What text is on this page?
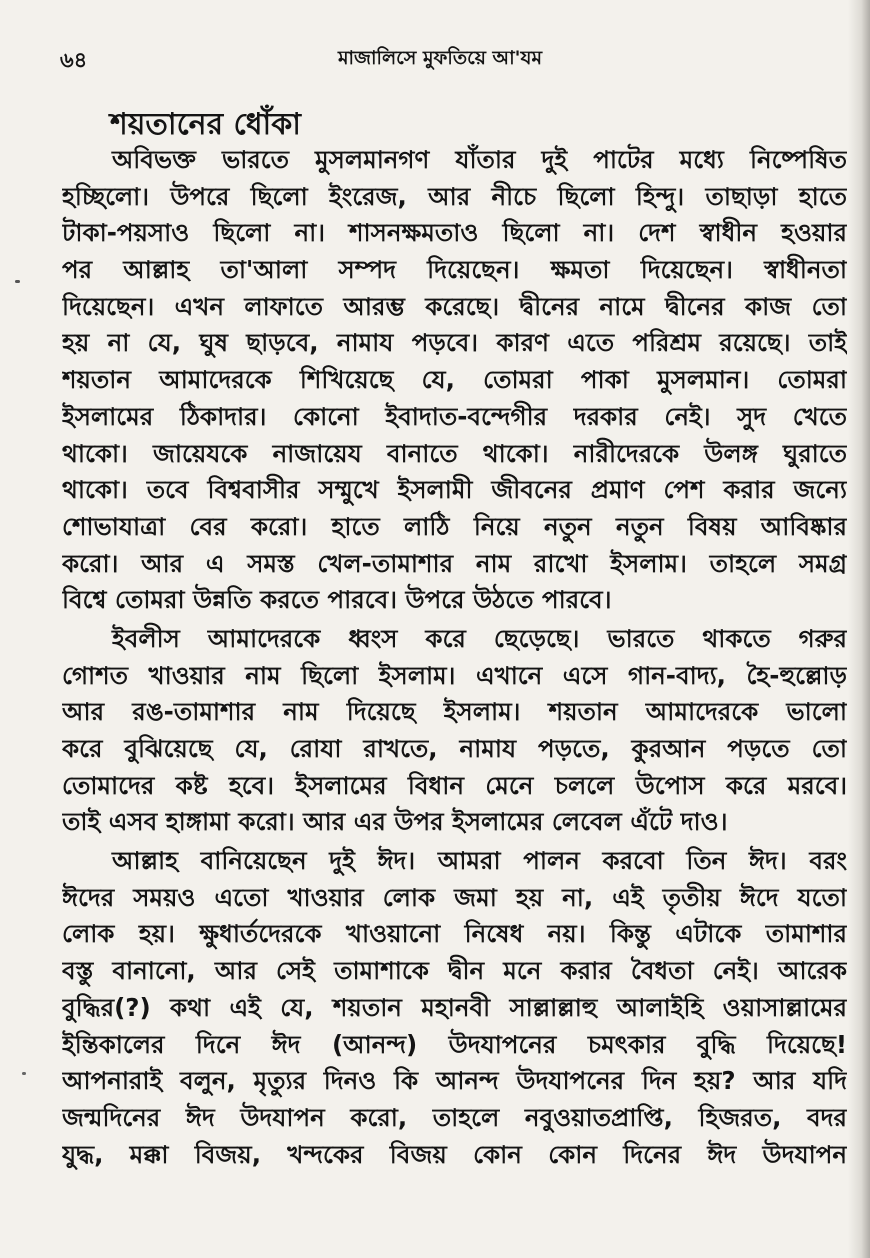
৬৪	মাজালিসে মুফতিয়ে আ'যম
শয়তানের ধোঁকা
অবিভক্ত ভারতে মুসলমানগণ যাঁতার দুই পাটের মধ্যে নিষ্পেষিত
হচ্ছিলো। উপরে ছিলো ইংরেজ, আর নীচে ছিলো হিন্দু। তাছাড়া হাতে
টাকা-পয়সাও ছিলো না। শাসনক্ষমতাও ছিলো না। দেশ স্বাধীন হওয়ার
পর আল্লাহ তা'আলা সম্পদ দিয়েছেন। ক্ষমতা দিয়েছেন। স্বাধীনতা
দিয়েছেন। এখন লাফাতে আরম্ভ করেছে। দ্বীনের নামে দ্বীনের কাজ তো
হয় না যে, ঘুষ ছাড়বে, নামায পড়বে। কারণ এতে পরিশ্রম রয়েছে। তাই
শয়তান আমাদেরকে শিখিয়েছে যে, তোমরা পাকা মুসলমান। তোমরা
ইসলামের ঠিকাদার। কোনো ইবাদাত-বন্দেগীর দরকার নেই। সুদ খেতে
থাকো। জায়েযকে নাজায়েয বানাতে থাকো। নারীদেরকে উলঙ্গ ঘুরাতে
থাকো। তবে বিশ্ববাসীর সম্মুখে ইসলামী জীবনের প্রমাণ পেশ করার জন্যে
শোভাযাত্রা বের করো। হাতে লাঠি নিয়ে নতুন নতুন বিষয় আবিষ্কার
করো। আর এ সমস্ত খেল-তামাশার নাম রাখো ইসলাম। তাহলে সমগ্র
বিশ্বে তোমরা উন্নতি করতে পারবে। উপরে উঠতে পারবে।
ইবলীস আমাদেরকে ধ্বংস করে ছেড়েছে। ভারতে থাকতে গরুর
গোশত খাওয়ার নাম ছিলো ইসলাম। এখানে এসে গান-বাদ্য, হৈ-হুল্লোড়
আর রঙ-তামাশার নাম দিয়েছে ইসলাম। শয়তান আমাদেরকে ভালো
করে বুঝিয়েছে যে, রোযা রাখতে, নামায পড়তে, কুরআন পড়তে তো
তোমাদের কষ্ট হবে। ইসলামের বিধান মেনে চললে উপোস করে মরবে।
তাই এসব হাঙ্গামা করো। আর এর উপর ইসলামের লেবেল এঁটে দাও।
আল্লাহ বানিয়েছেন দুই ঈদ। আমরা পালন করবো তিন ঈদ। বরং
ঈদের সময়ও এতো খাওয়ার লোক জমা হয় না, এই তৃতীয় ঈদে যতো
লোক হয়। ক্ষুধার্তদেরকে খাওয়ানো নিষেধ নয়। কিন্তু এটাকে তামাশার
বস্তু বানানো, আর সেই তামাশাকে দ্বীন মনে করার বৈধতা নেই। আরেক
বুদ্ধির(?) কথা এই যে, শয়তান মহানবী সাল্লাল্লাহু আলাইহি ওয়াসাল্লামের
ইন্তিকালের দিনে ঈদ (আনন্দ) উদযাপনের চমৎকার বুদ্ধি দিয়েছে!
আপনারাই বলুন, মৃত্যুর দিনও কি আনন্দ উদযাপনের দিন হয়? আর যদি
জন্মদিনের ঈদ উদযাপন করো, তাহলে নবুওয়াতপ্রাপ্তি, হিজরত, বদর
যুদ্ধ, মক্কা বিজয়, খন্দকের বিজয় কোন কোন দিনের ঈদ উদযাপন
